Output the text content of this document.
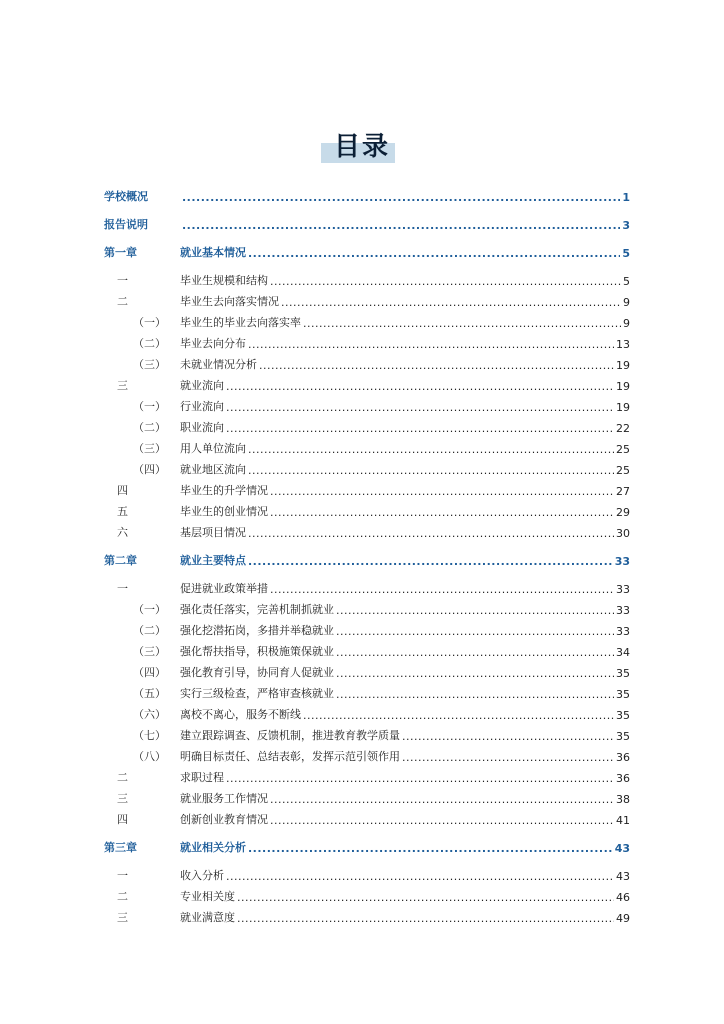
目录
学校概况 .....	1
报告说明 .....	3
第一章	就业基本情况 .....	5
一	毕业生规模和结构 .....	5
二	毕业生去向落实情况 .....	9
（一）	毕业生的毕业去向落实率 .....	9
（二）	毕业去向分布 .....	13
（三）	未就业情况分析 .....	19
三	就业流向 .....	19
（一）	行业流向 .....	19
（二）	职业流向 .....	22
（三）	用人单位流向 .....	25
（四）	就业地区流向 .....	25
四	毕业生的升学情况 .....	27
五	毕业生的创业情况 .....	29
六	基层项目情况 .....	30
第二章	就业主要特点 .....	33
一	促进就业政策举措 .....	33
（一）	强化责任落实，完善机制抓就业 .....	33
（二）	强化挖潜拓岗，多措并举稳就业 .....	33
（三）	强化帮扶指导，积极施策保就业 .....	34
（四）	强化教育引导，协同育人促就业 .....	35
（五）	实行三级检查，严格审查核就业 .....	35
（六）	离校不离心，服务不断线 .....	35
（七）	建立跟踪调查、反馈机制，推进教育教学质量 .....	35
（八）	明确目标责任、总结表彰，发挥示范引领作用 .....	36
二	求职过程 .....	36
三	就业服务工作情况 .....	38
四	创新创业教育情况 .....	41
第三章	就业相关分析 .....	43
一	收入分析 .....	43
二	专业相关度 .....	46
三	就业满意度 .....	49
